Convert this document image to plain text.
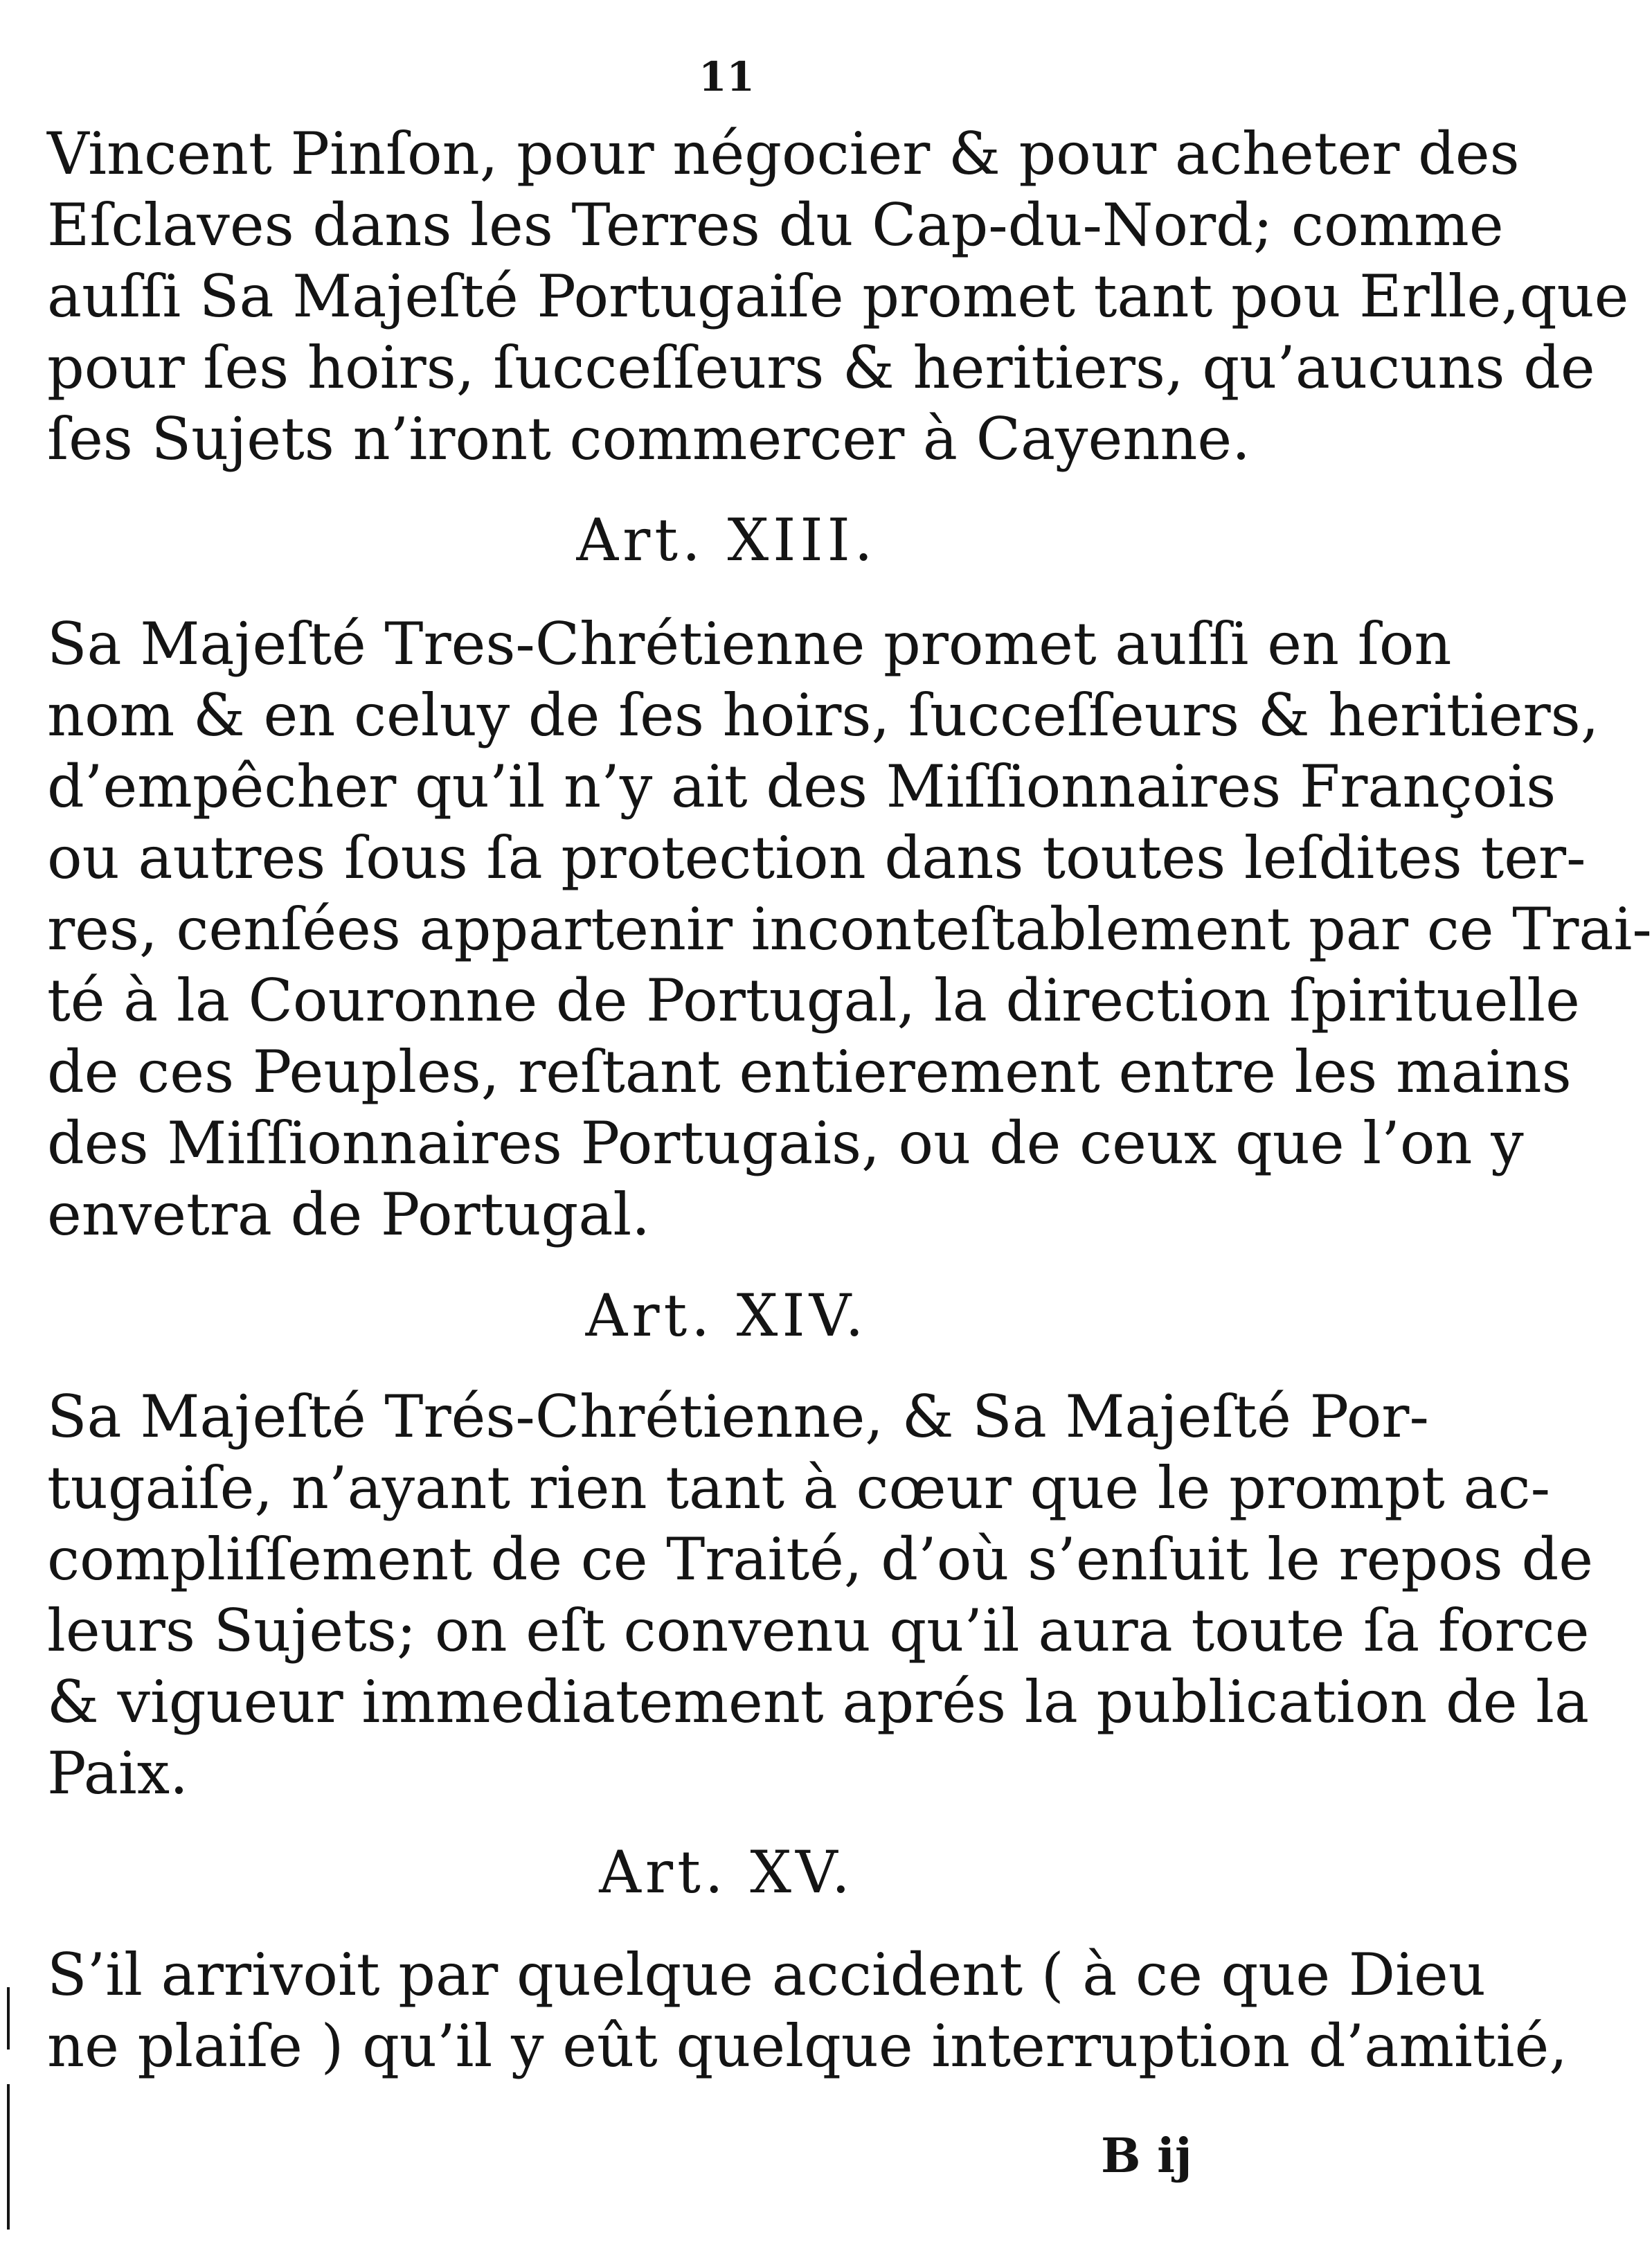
11
Vincent Pinſon, pour négocier & pour acheter des
Eſclaves dans les Terres du Cap-du-Nord; comme
auſſi Sa Majeſté Portugaiſe promet tant pou Erlle,que
pour ſes hoirs, ſucceſſeurs & heritiers, qu’aucuns de
ſes Sujets n’iront commercer à Cayenne.
Art. XIII.
Sa Majeſté Tres-Chrétienne promet auſſi en ſon
nom & en celuy de ſes hoirs, ſucceſſeurs & heritiers,
d’empêcher qu’il n’y ait des Miſſionnaires François
ou autres ſous ſa protection dans toutes leſdites ter-
res, cenſées appartenir inconteſtablement par ce Trai-
té à la Couronne de Portugal, la direction ſpirituelle
de ces Peuples, reſtant entierement entre les mains
des Miſſionnaires Portugais, ou de ceux que l’on y
envetra de Portugal.
Art. XIV.
Sa Majeſté Trés-Chrétienne, & Sa Majeſté Por-
tugaiſe, n’ayant rien tant à cœur que le prompt ac-
compliſſement de ce Traité, d’où s’enſuit le repos de
leurs Sujets; on eſt convenu qu’il aura toute ſa force
& vigueur immediatement aprés la publication de la
Paix.
Art. XV.
S’il arrivoit par quelque accident ( à ce que Dieu
ne plaiſe ) qu’il y eût quelque interruption d’amitié,
B ij
